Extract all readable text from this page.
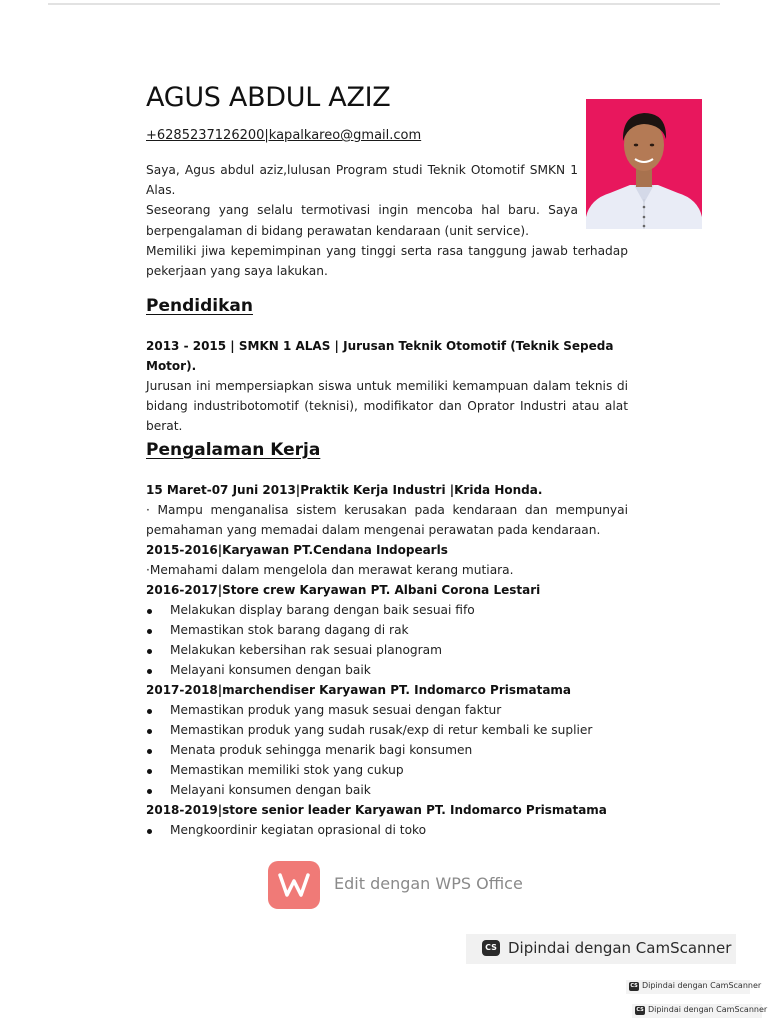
AGUS ABDUL AZIZ
+6285237126200|kapalkareo@gmail.com

Saya, Agus abdul aziz,lulusan Program studi Teknik Otomotif SMKN 1 Alas.

Seseorang yang selalu termotivasi ingin mencoba hal baru. Saya berpengalaman di bidang perawatan kendaraan (unit service).

Memiliki jiwa kepemimpinan yang tinggi serta rasa tanggung jawab terhadap pekerjaan yang saya lakukan.

Pendidikan
2013 - 2015 | SMKN 1 ALAS | Jurusan Teknik Otomotif (Teknik Sepeda Motor).
Jurusan ini mempersiapkan siswa untuk memiliki kemampuan dalam teknis di bidang industribotomotif (teknisi), modifikator dan Oprator Industri atau alat berat.
Pengalaman Kerja
15 Maret-07 Juni 2013|Praktik Kerja Industri |Krida Honda.
· Mampu menganalisa sistem kerusakan pada kendaraan dan mempunyai pemahaman yang memadai dalam mengenai perawatan pada kendaraan.
2015-2016|Karyawan PT.Cendana Indopearls
·Memahami dalam mengelola dan merawat kerang mutiara.
2016-2017|Store crew Karyawan PT. Albani Corona Lestari
Melakukan display barang dengan baik sesuai fifo
Memastikan stok barang dagang di rak
Melakukan kebersihan rak sesuai planogram
Melayani konsumen dengan baik
2017-2018|marchendiser Karyawan PT. Indomarco Prismatama
Memastikan produk yang masuk sesuai dengan faktur
Memastikan produk yang sudah rusak/exp di retur kembali ke suplier
Menata produk sehingga menarik bagi konsumen
Memastikan memiliki stok yang cukup
Melayani konsumen dengan baik
2018-2019|store senior leader Karyawan PT. Indomarco Prismatama
Mengkoordinir kegiatan oprasional di toko
Edit dengan WPS Office
CS Dipindai dengan CamScanner
CS Dipindai dengan CamScanner
CS Dipindai dengan CamScanner
